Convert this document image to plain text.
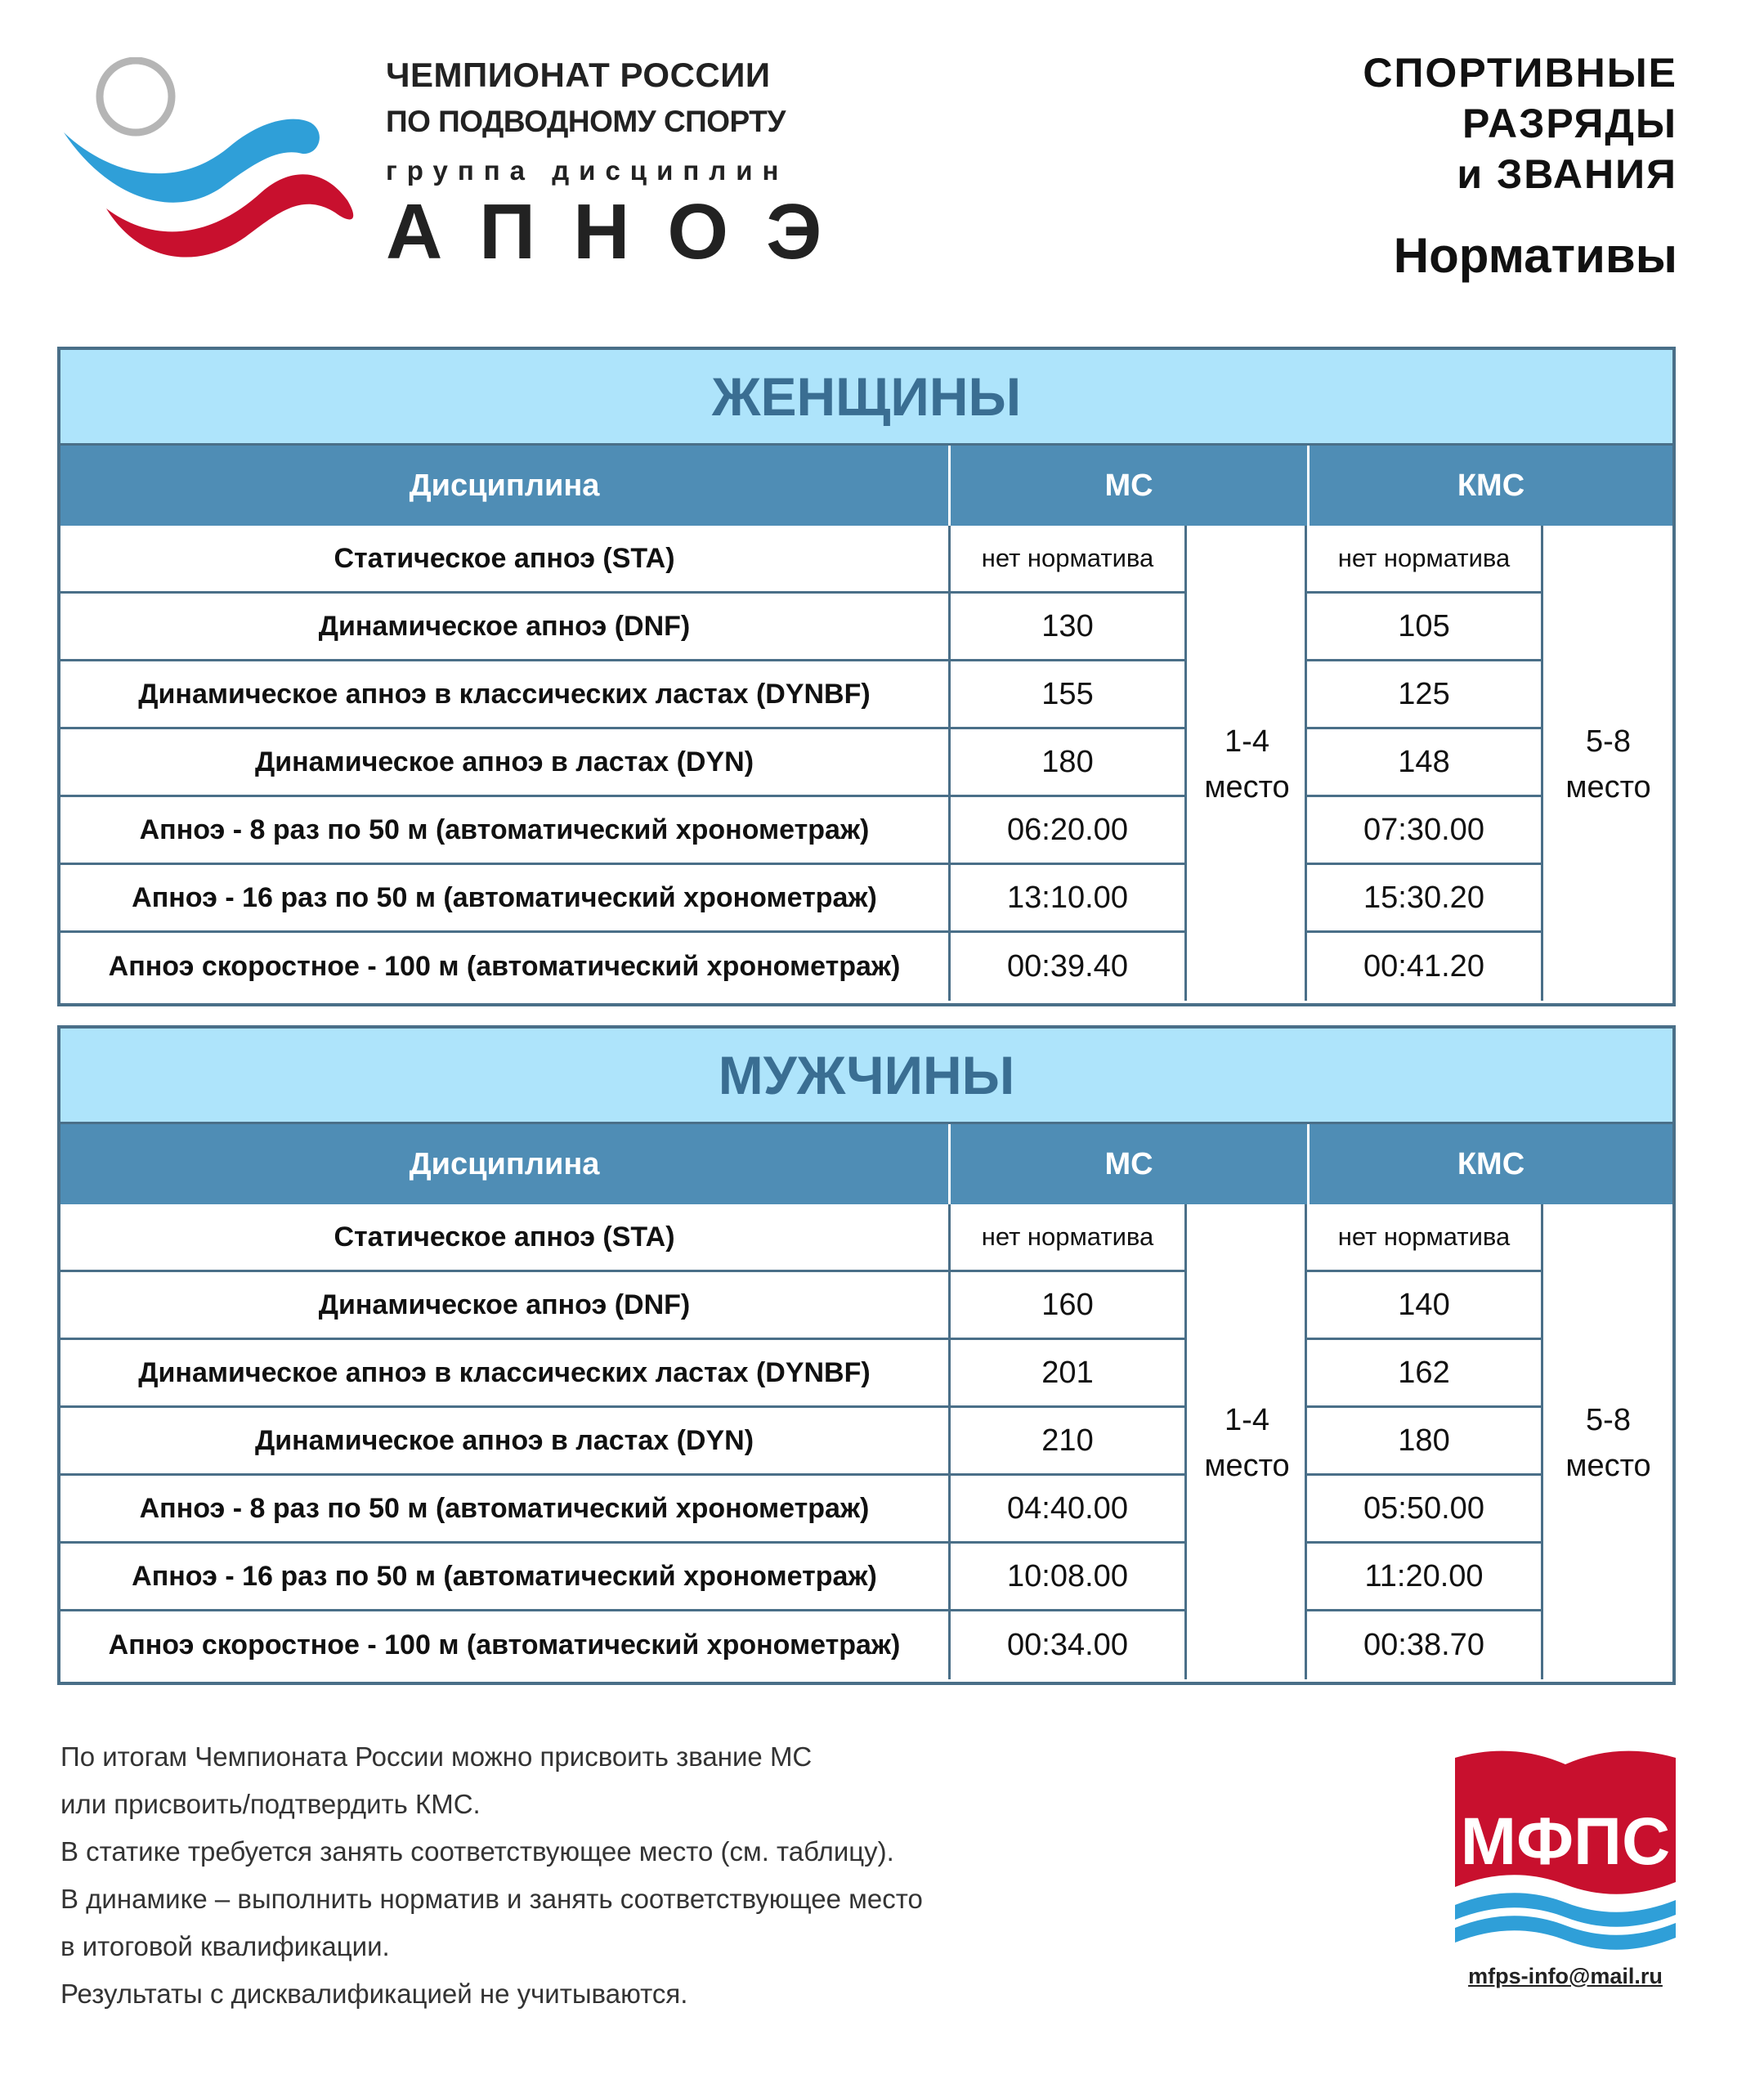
ЧЕМПИОНАТ РОССИИ
ПО ПОДВОДНОМУ СПОРТУ
группа дисциплин
АПНОЭ
СПОРТИВНЫЕ
РАЗРЯДЫ
и ЗВАНИЯ
Нормативы
ЖЕНЩИНЫ
Дисциплина	МС	КМС
Статическое апноэ (STA)	нет норматива	нет норматива
Динамическое апноэ (DNF)	130	105
Динамическое апноэ в классических ластах (DYNBF)	155	125
Динамическое апноэ в ластах (DYN)	180	148
Апноэ - 8 раз по 50 м (автоматический хронометраж)	06:20.00	07:30.00
Апноэ - 16 раз по 50 м (автоматический хронометраж)	13:10.00	15:30.20
Апноэ скоростное - 100 м (автоматический хронометраж)	00:39.40	00:41.20
1-4
место
5-8
место
МУЖЧИНЫ
Дисциплина	МС	КМС
Статическое апноэ (STA)	нет норматива	нет норматива
Динамическое апноэ (DNF)	160	140
Динамическое апноэ в классических ластах (DYNBF)	201	162
Динамическое апноэ в ластах (DYN)	210	180
Апноэ - 8 раз по 50 м (автоматический хронометраж)	04:40.00	05:50.00
Апноэ - 16 раз по 50 м (автоматический хронометраж)	10:08.00	11:20.00
Апноэ скоростное - 100 м (автоматический хронометраж)	00:34.00	00:38.70
1-4
место
5-8
место
По итогам Чемпионата России можно присвоить звание МС
или присвоить/подтвердить КМС.
В статике требуется занять соответствующее место (см. таблицу).
В динамике – выполнить норматив и занять соответствующее место
в итоговой квалификации.
Результаты с дисквалификацией не учитываются.
МФПС
mfps-info@mail.ru
